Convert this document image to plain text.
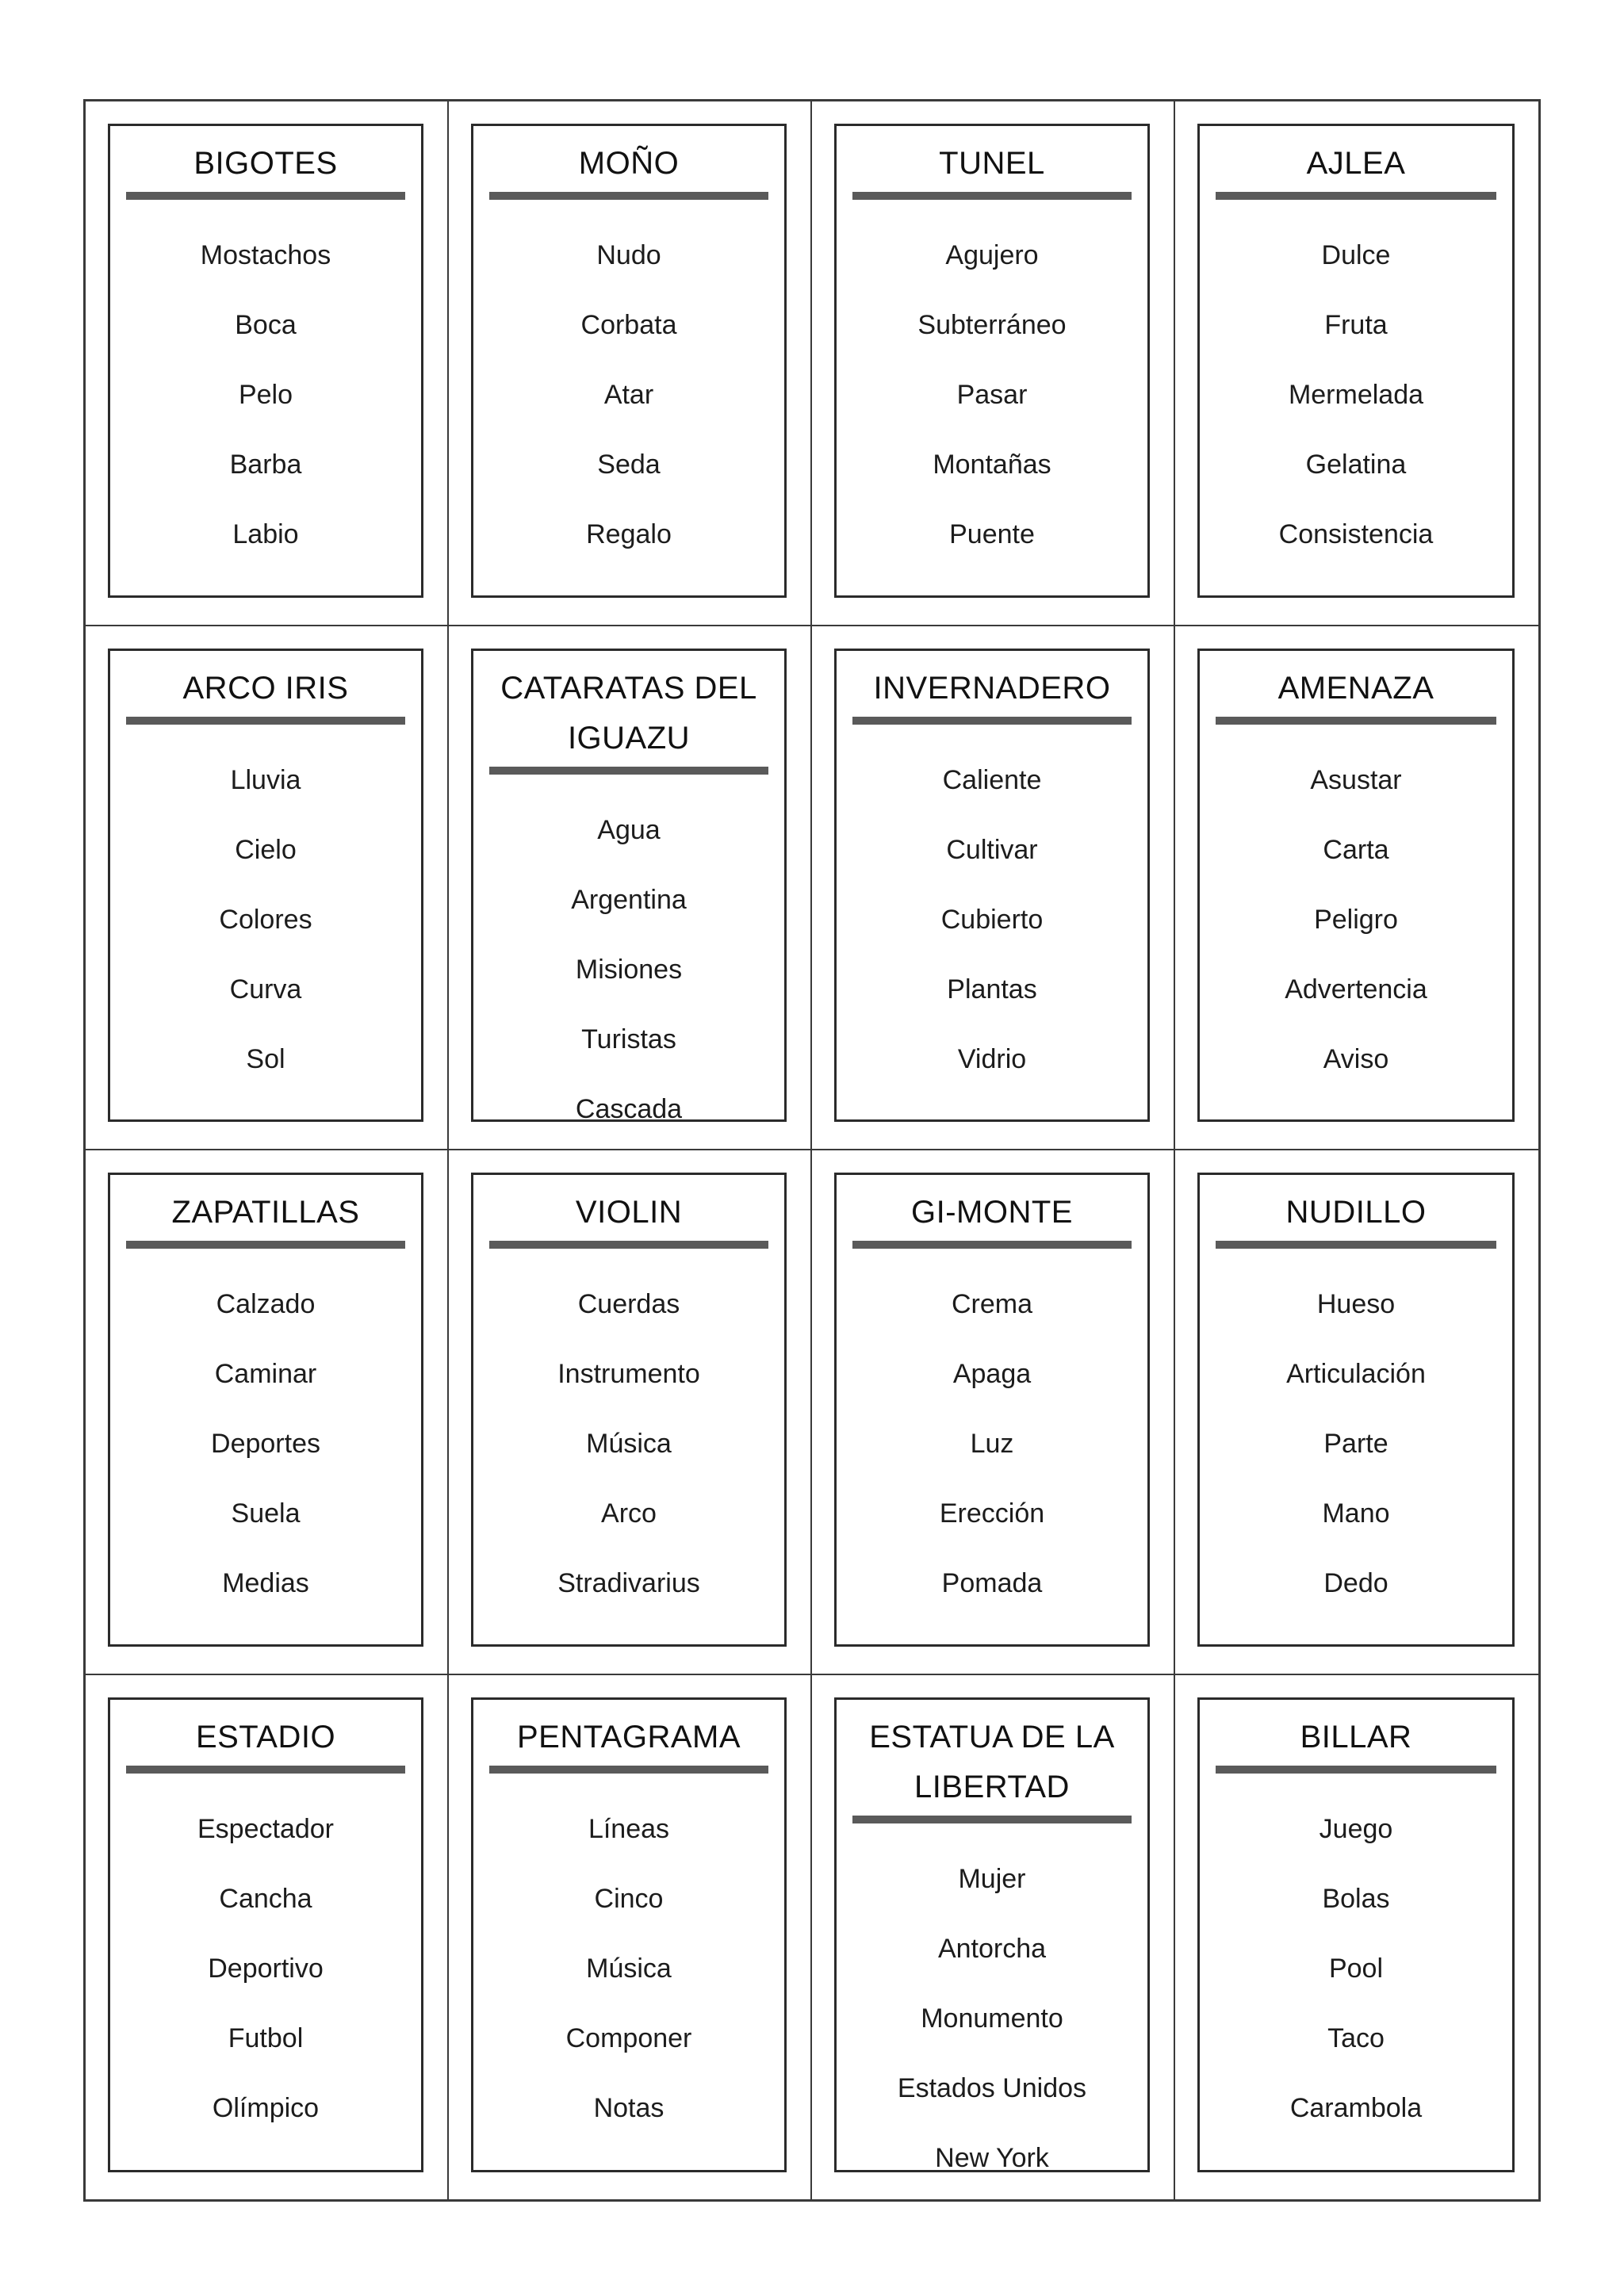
BIGOTES
Mostachos
Boca
Pelo
Barba
Labio
MOÑO
Nudo
Corbata
Atar
Seda
Regalo
TUNEL
Agujero
Subterráneo
Pasar
Montañas
Puente
AJLEA
Dulce
Fruta
Mermelada
Gelatina
Consistencia
ARCO IRIS
Lluvia
Cielo
Colores
Curva
Sol
CATARATAS DEL IGUAZU
Agua
Argentina
Misiones
Turistas
Cascada
INVERNADERO
Caliente
Cultivar
Cubierto
Plantas
Vidrio
AMENAZA
Asustar
Carta
Peligro
Advertencia
Aviso
ZAPATILLAS
Calzado
Caminar
Deportes
Suela
Medias
VIOLIN
Cuerdas
Instrumento
Música
Arco
Stradivarius
GI-MONTE
Crema
Apaga
Luz
Erección
Pomada
NUDILLO
Hueso
Articulación
Parte
Mano
Dedo
ESTADIO
Espectador
Cancha
Deportivo
Futbol
Olímpico
PENTAGRAMA
Líneas
Cinco
Música
Componer
Notas
ESTATUA DE LA LIBERTAD
Mujer
Antorcha
Monumento
Estados Unidos
New York
BILLAR
Juego
Bolas
Pool
Taco
Carambola
